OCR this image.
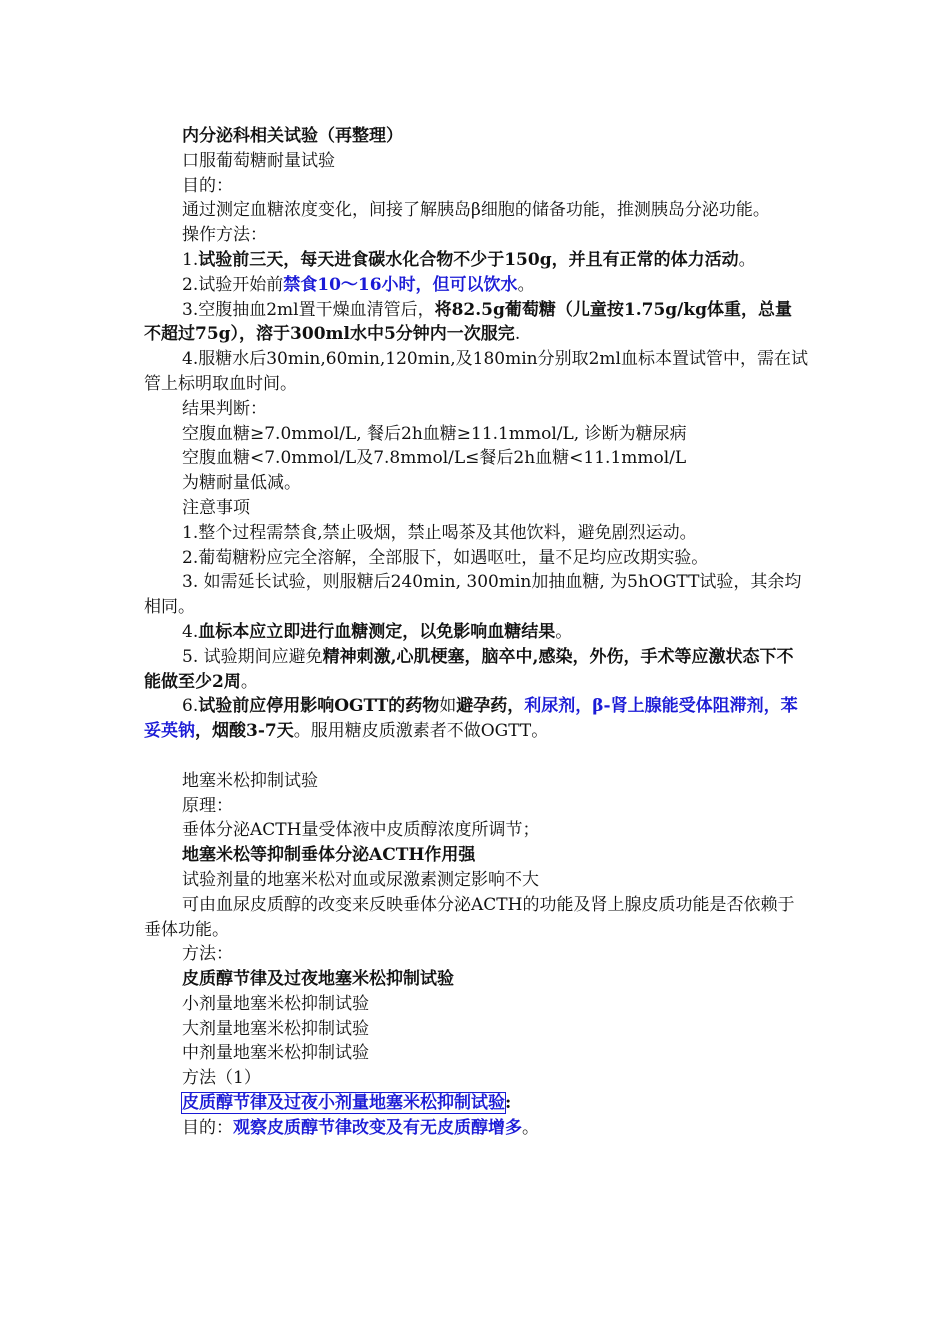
内分泌科相关试验（再整理）

口服葡萄糖耐量试验

目的：

通过测定血糖浓度变化，间接了解胰岛β细胞的储备功能，推测胰岛分泌功能。

操作方法：

1.试验前三天，每天进食碳水化合物不少于150g，并且有正常的体力活动。

2.试验开始前禁食10～16小时，但可以饮水。

3.空腹抽血2ml置干燥血清管后，将82.5g葡萄糖（儿童按1.75g/kg体重，总量不超过75g），溶于300ml水中5分钟内一次服完.

4.服糖水后30min,60min,120min,及180min分别取2ml血标本置试管中，需在试管上标明取血时间。

结果判断：

空腹血糖≥7.0mmol/L, 餐后2h血糖≥11.1mmol/L, 诊断为糖尿病

空腹血糖<7.0mmol/L及7.8mmol/L≤餐后2h血糖<11.1mmol/L

为糖耐量低减。

注意事项

1.整个过程需禁食,禁止吸烟，禁止喝茶及其他饮料，避免剧烈运动。

2.葡萄糖粉应完全溶解，全部服下，如遇呕吐，量不足均应改期实验。

3. 如需延长试验，则服糖后240min, 300min加抽血糖, 为5hOGTT试验，其余均相同。

4.血标本应立即进行血糖测定，以免影响血糖结果。

5. 试验期间应避免精神刺激,心肌梗塞，脑卒中,感染，外伤，手术等应激状态下不能做至少2周。

6.试验前应停用影响OGTT的药物如避孕药，利尿剂，β-肾上腺能受体阻滞剂，苯妥英钠，烟酸3-7天。服用糖皮质激素者不做OGTT。

地塞米松抑制试验

原理：

垂体分泌ACTH量受体液中皮质醇浓度所调节；

地塞米松等抑制垂体分泌ACTH作用强

试验剂量的地塞米松对血或尿激素测定影响不大

可由血尿皮质醇的改变来反映垂体分泌ACTH的功能及肾上腺皮质功能是否依赖于垂体功能。

方法：

皮质醇节律及过夜地塞米松抑制试验

小剂量地塞米松抑制试验

大剂量地塞米松抑制试验

中剂量地塞米松抑制试验

方法（1）

皮质醇节律及过夜小剂量地塞米松抑制试验:

目的：观察皮质醇节律改变及有无皮质醇增多。
